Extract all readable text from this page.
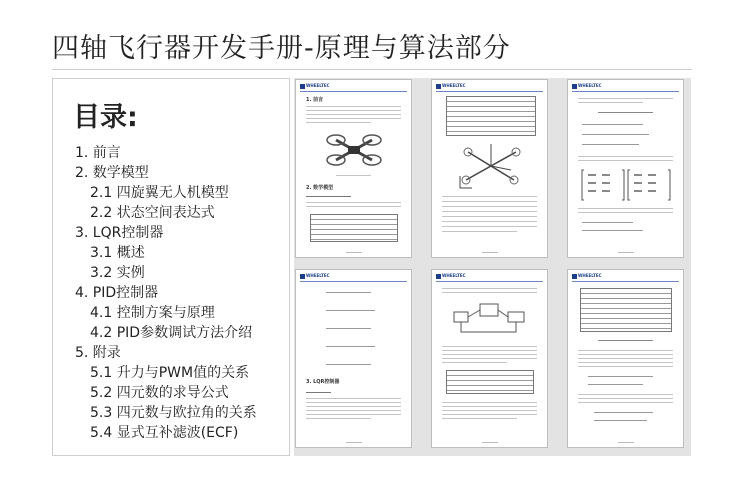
四轴飞行器开发手册-原理与算法部分
目录:
1. 前言
2. 数学模型
2.1 四旋翼无人机模型
2.2 状态空间表达式
3. LQR控制器
3.1 概述
3.2 实例
4. PID控制器
4.1 控制方案与原理
4.2 PID参数调试方法介绍
5. 附录
5.1 升力与PWM值的关系
5.2 四元数的求导公式
5.3 四元数与欧拉角的关系
5.4 显式互补滤波(ECF)
WHEELTEC
1. 前言
2. 数学模型
WHEELTEC	WHEELTEC
WHEELTEC
3. LQR控制器
WHEELTEC	WHEELTEC
